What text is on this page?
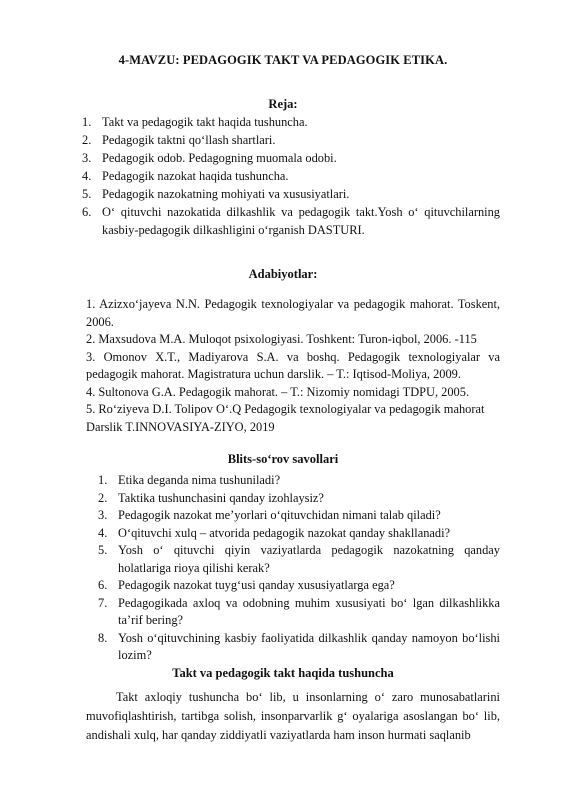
4-MAVZU: PEDAGOGIK TAKT VA PEDAGOGIK ETIKA.
Reja:
1. Takt va pedagogik takt haqida tushuncha.
2. Pedagogik taktni qoʻllash shartlari.
3. Pedagogik odob. Pedagogning muomala odobi.
4. Pedagogik nazokat haqida tushuncha.
5. Pedagogik nazokatning mohiyati va xususiyatlari.
6. Oʻ qituvchi nazokatida dilkashlik va pedagogik takt.Yosh oʻ qituvchilarning kasbiy-pedagogik dilkashligini oʻrganish DASTURI.
Adabiyotlar:

1. Azizxo‘jayeva N.N. Pedagogik texnologiyalar va pedagogik mahorat. Toskent, 2006.

2. Maxsudova M.A. Muloqot psixologiyasi. Toshkent: Turon-iqbol, 2006. -115

3. Omonov X.T., Madiyarova S.A. va boshq. Pedagogik texnologiyalar va pedagogik mahorat. Magistratura uchun darslik. – T.: Iqtisod-Moliya, 2009.

4. Sultonova G.A. Pedagogik mahorat. – T.: Nizomiy nomidagi TDPU, 2005.

5. Ro‘ziyeva D.I. Tolipov O‘.Q Pedagogik texnologiyalar va pedagogik mahorat

Darslik T.INNOVASIYA-ZIYO, 2019

Blits-so‘rov savollari
1. Etika deganda nima tushuniladi?
2. Taktika tushunchasini qanday izohlaysiz?
3. Pedagogik nazokat me’yorlari o‘qituvchidan nimani talab qiladi?
4. O‘qituvchi xulq – atvorida pedagogik nazokat qanday shakllanadi?
5. Yosh o‘ qituvchi qiyin vaziyatlarda pedagogik nazokatning qanday holatlariga rioya qilishi kerak?
6. Pedagogik nazokat tuyg‘usi qanday xususiyatlarga ega?
7. Pedagogikada axloq va odobning muhim xususiyati bo‘ lgan dilkashlikka ta’rif bering?
8. Yosh o‘qituvchining kasbiy faoliyatida dilkashlik qanday namoyon bo‘lishi lozim?
Takt va pedagogik takt haqida tushuncha

Takt axloqiy tushuncha bo‘ lib, u insonlarning o‘ zaro munosabatlarini muvofiqlashtirish, tartibga solish, insonparvarlik g‘ oyalariga asoslangan bo‘ lib, andishali xulq, har qanday ziddiyatli vaziyatlarda ham inson hurmati saqlanib
